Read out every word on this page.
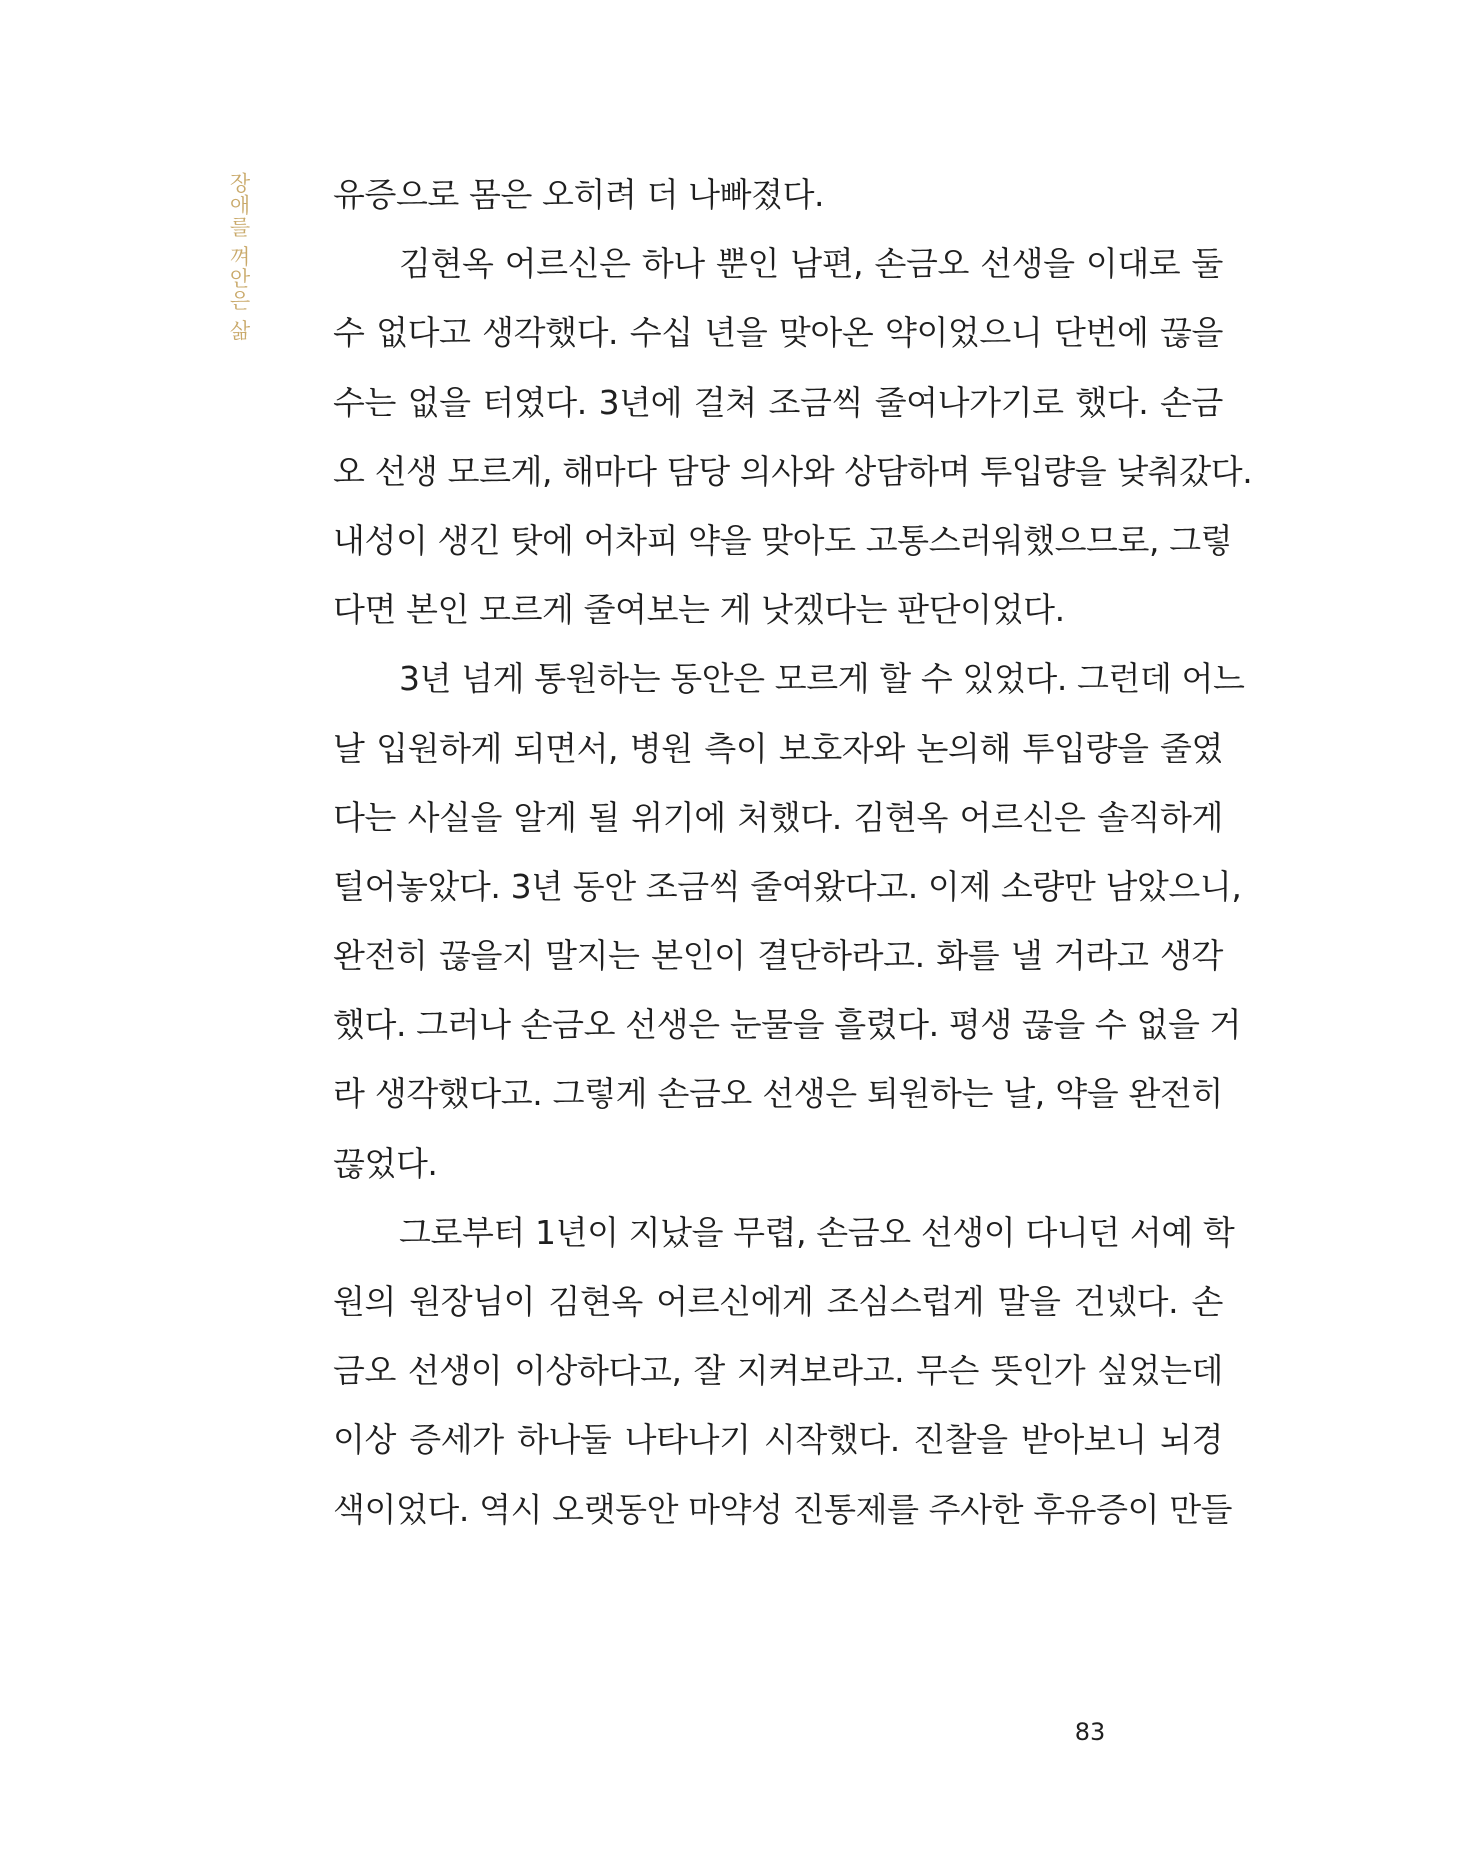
장애를 껴안은 삶 유증으로 몸은 오히려 더 나빠졌다.
김현옥 어르신은 하나 뿐인 남편, 손금오 선생을 이대로 둘
수 없다고 생각했다. 수십 년을 맞아온 약이었으니 단번에 끊을
수는 없을 터였다. 3년에 걸쳐 조금씩 줄여나가기로 했다. 손금
오 선생 모르게, 해마다 담당 의사와 상담하며 투입량을 낮춰갔다.
내성이 생긴 탓에 어차피 약을 맞아도 고통스러워했으므로, 그렇
다면 본인 모르게 줄여보는 게 낫겠다는 판단이었다.
3년 넘게 통원하는 동안은 모르게 할 수 있었다. 그런데 어느
날 입원하게 되면서, 병원 측이 보호자와 논의해 투입량을 줄였
다는 사실을 알게 될 위기에 처했다. 김현옥 어르신은 솔직하게
털어놓았다. 3년 동안 조금씩 줄여왔다고. 이제 소량만 남았으니,
완전히 끊을지 말지는 본인이 결단하라고. 화를 낼 거라고 생각
했다. 그러나 손금오 선생은 눈물을 흘렸다. 평생 끊을 수 없을 거
라 생각했다고. 그렇게 손금오 선생은 퇴원하는 날, 약을 완전히
끊었다.
그로부터 1년이 지났을 무렵, 손금오 선생이 다니던 서예 학
원의 원장님이 김현옥 어르신에게 조심스럽게 말을 건넸다. 손
금오 선생이 이상하다고, 잘 지켜보라고. 무슨 뜻인가 싶었는데
이상 증세가 하나둘 나타나기 시작했다. 진찰을 받아보니 뇌경
색이었다. 역시 오랫동안 마약성 진통제를 주사한 후유증이 만들
83
